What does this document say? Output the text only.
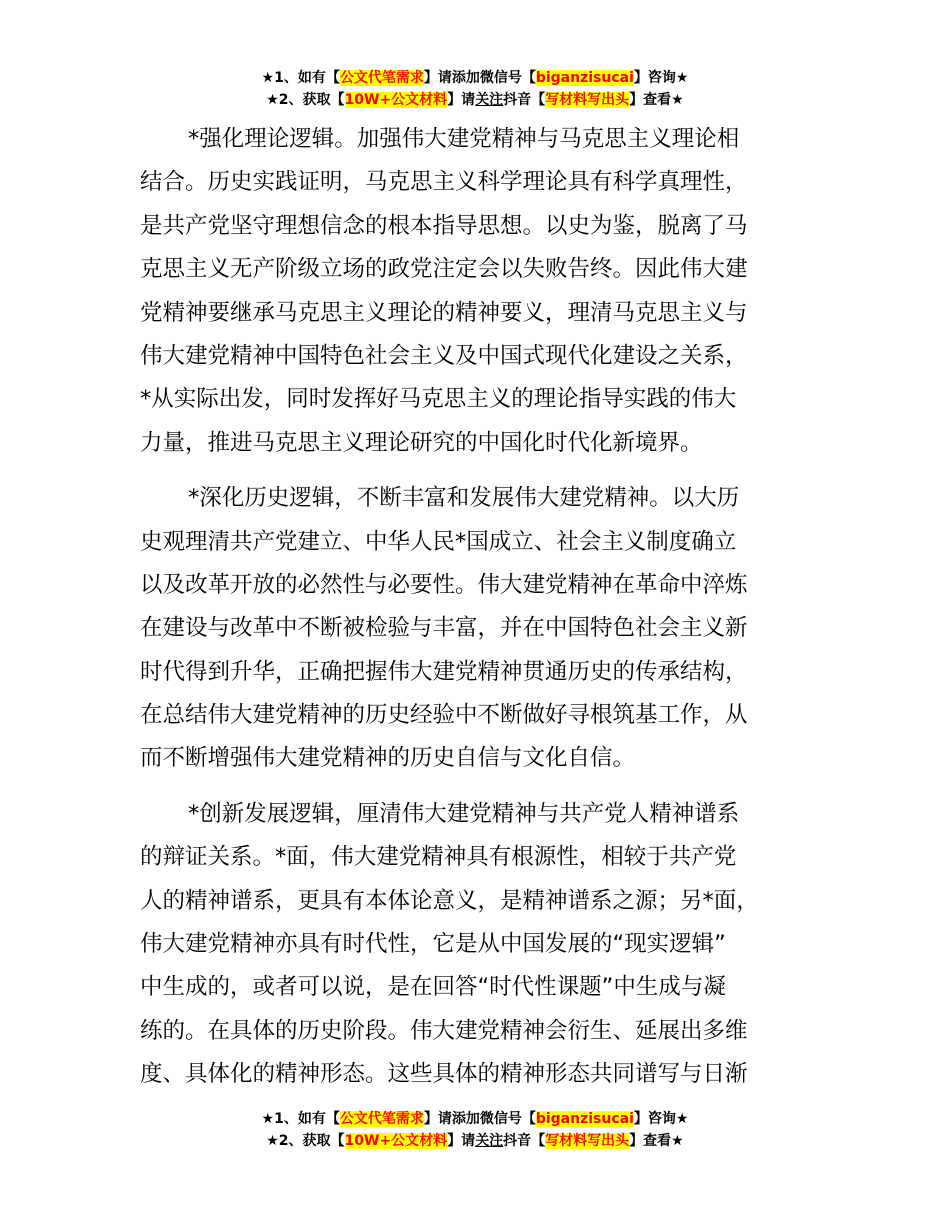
★1、如有【公文代笔需求】请添加微信号【biganzisucai】咨询★
★2、获取【10W+公文材料】请关注抖音【写材料写出头】查看★
*强化理论逻辑。加强伟大建党精神与马克思主义理论相
结合。历史实践证明，马克思主义科学理论具有科学真理性，
是共产党坚守理想信念的根本指导思想。以史为鉴，脱离了马
克思主义无产阶级立场的政党注定会以失败告终。因此伟大建
党精神要继承马克思主义理论的精神要义，理清马克思主义与
伟大建党精神中国特色社会主义及中国式现代化建设之关系，
*从实际出发，同时发挥好马克思主义的理论指导实践的伟大
力量，推进马克思主义理论研究的中国化时代化新境界。
*深化历史逻辑，不断丰富和发展伟大建党精神。以大历
史观理清共产党建立、中华人民*国成立、社会主义制度确立
以及改革开放的必然性与必要性。伟大建党精神在革命中淬炼
在建设与改革中不断被检验与丰富，并在中国特色社会主义新
时代得到升华，正确把握伟大建党精神贯通历史的传承结构，
在总结伟大建党精神的历史经验中不断做好寻根筑基工作，从
而不断增强伟大建党精神的历史自信与文化自信。
*创新发展逻辑，厘清伟大建党精神与共产党人精神谱系
的辩证关系。*面，伟大建党精神具有根源性，相较于共产党
人的精神谱系，更具有本体论意义，是精神谱系之源；另*面，
伟大建党精神亦具有时代性，它是从中国发展的“现实逻辑”
中生成的，或者可以说，是在回答“时代性课题”中生成与凝
练的。在具体的历史阶段。伟大建党精神会衍生、延展出多维
度、具体化的精神形态。这些具体的精神形态共同谱写与日渐
★1、如有【公文代笔需求】请添加微信号【biganzisucai】咨询★
★2、获取【10W+公文材料】请关注抖音【写材料写出头】查看★
